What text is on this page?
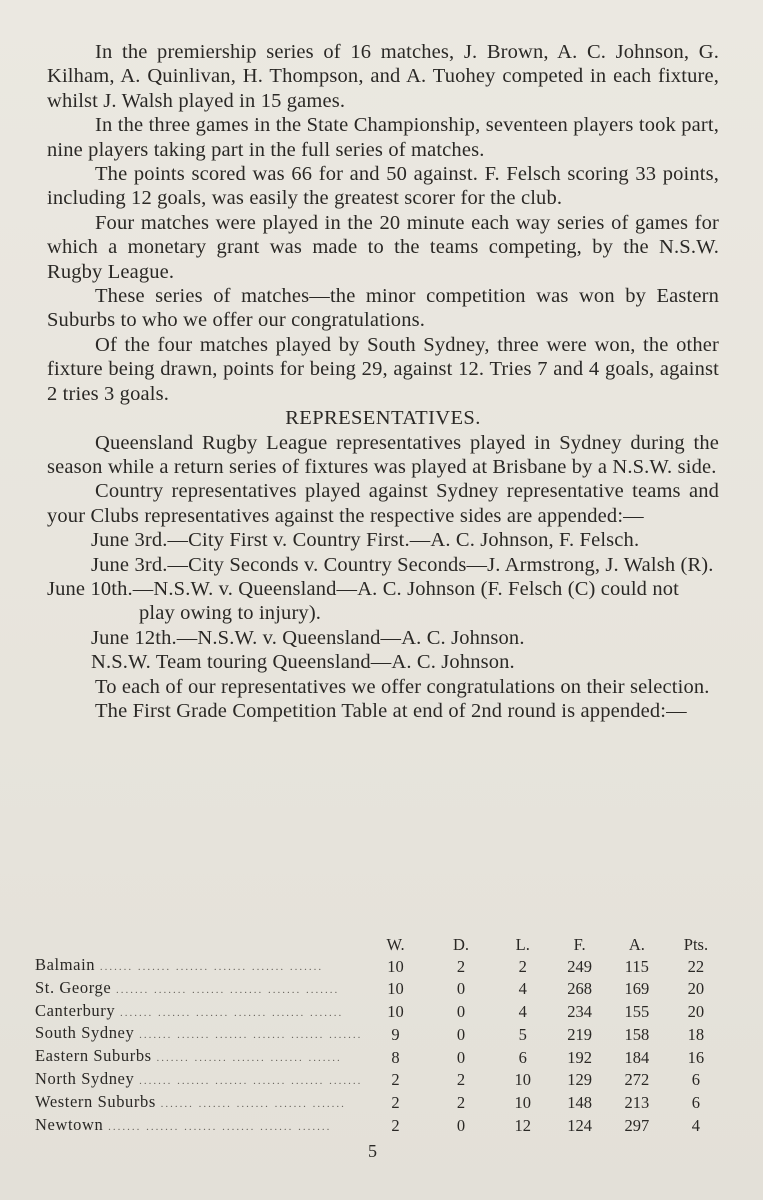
In the premiership series of 16 matches, J. Brown, A. C. Johnson, G. Kilham, A. Quinlivan, H. Thompson, and A. Tuohey competed in each fixture, whilst J. Walsh played in 15 games.

In the three games in the State Championship, seventeen players took part, nine players taking part in the full series of matches.

The points scored was 66 for and 50 against. F. Felsch scoring 33 points, including 12 goals, was easily the greatest scorer for the club.

Four matches were played in the 20 minute each way series of games for which a monetary grant was made to the teams competing, by the N.S.W. Rugby League.

These series of matches—the minor competition was won by Eastern Suburbs to who we offer our congratulations.

Of the four matches played by South Sydney, three were won, the other fixture being drawn, points for being 29, against 12. Tries 7 and 4 goals, against 2 tries 3 goals.

REPRESENTATIVES.

Queensland Rugby League representatives played in Sydney during the season while a return series of fixtures was played at Brisbane by a N.S.W. side.

Country representatives played against Sydney representative teams and your Clubs representatives against the respective sides are appended:—

June 3rd.—City First v. Country First.—A. C. Johnson, F. Felsch.

June 3rd.—City Seconds v. Country Seconds—J. Armstrong, J. Walsh (R).

June 10th.—N.S.W. v. Queensland—A. C. Johnson (F. Felsch (C) could not play owing to injury).

June 12th.—N.S.W. v. Queensland—A. C. Johnson.

N.S.W. Team touring Queensland—A. C. Johnson.

To each of our representatives we offer congratulations on their selection.

The First Grade Competition Table at end of 2nd round is appended:—

	W.	D.	L.	F.	A.	Pts.
Balmain ....... ....... ....... ....... ....... .......	10	2	2	249	115	22
St. George ....... ....... ....... ....... ....... .......	10	0	4	268	169	20
Canterbury ....... ....... ....... ....... ....... .......	10	0	4	234	155	20
South Sydney ....... ....... ....... ....... ....... .......	9	0	5	219	158	18
Eastern Suburbs ....... ....... ....... ....... .......	8	0	6	192	184	16
North Sydney ....... ....... ....... ....... ....... .......	2	2	10	129	272	6
Western Suburbs ....... ....... ....... ....... .......	2	2	10	148	213	6
Newtown ....... ....... ....... ....... ....... .......	2	0	12	124	297	4
5
